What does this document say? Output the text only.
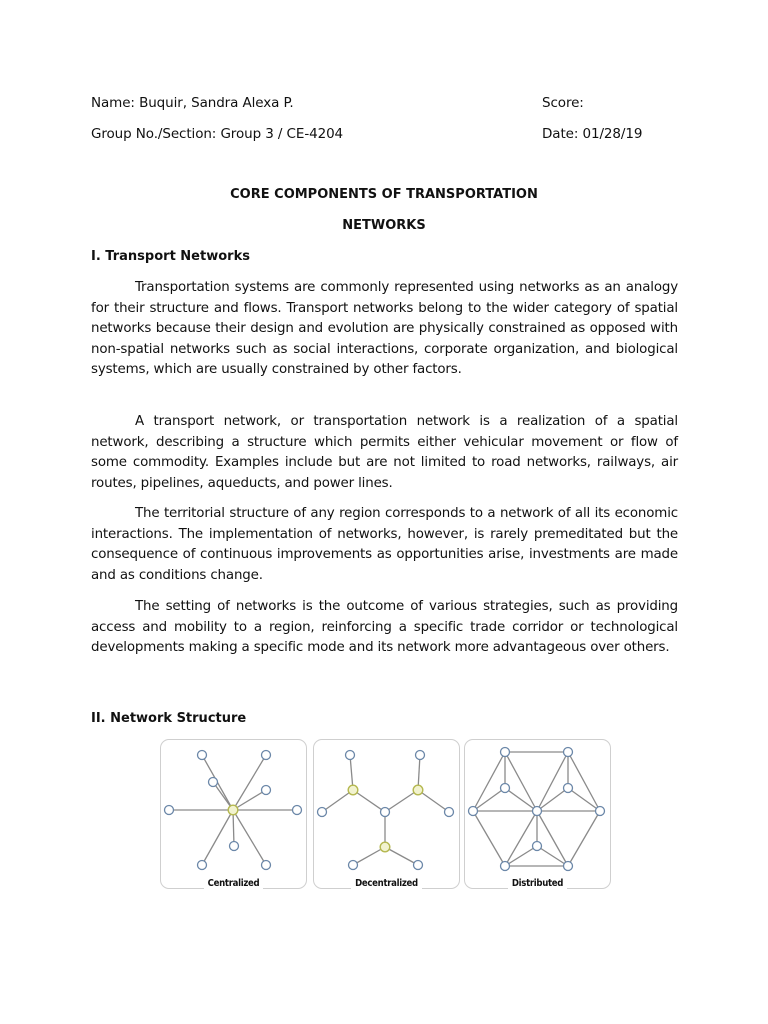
Name: Buquir, Sandra Alexa P.	Score:
Group No./Section: Group 3 / CE-4204	Date: 01/28/19
CORE COMPONENTS OF TRANSPORTATION
NETWORKS
I. Transport Networks

Transportation systems are commonly represented using networks as an analogy for their structure and flows. Transport networks belong to the wider category of spatial networks because their design and evolution are physically constrained as opposed with non-spatial networks such as social interactions, corporate organization, and biological systems, which are usually constrained by other factors.

A transport network, or transportation network is a realization of a spatial network, describing a structure which permits either vehicular movement or flow of some commodity. Examples include but are not limited to road networks, railways, air routes, pipelines, aqueducts, and power lines.

The territorial structure of any region corresponds to a network of all its economic interactions. The implementation of networks, however, is rarely premeditated but the consequence of continuous improvements as opportunities arise, investments are made and as conditions change.

The setting of networks is the outcome of various strategies, such as providing access and mobility to a region, reinforcing a specific trade corridor or technological developments making a specific mode and its network more advantageous over others.

II. Network Structure
Centralized	Decentralized	Distributed
